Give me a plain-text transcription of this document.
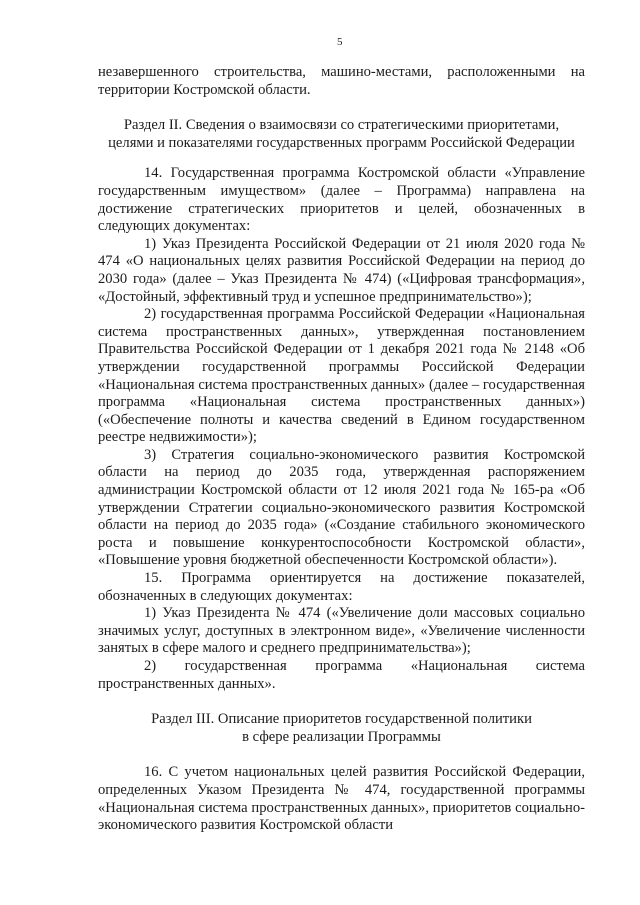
5

незавершенного строительства, машино-местами, расположенными на территории Костромской области.

Раздел II. Сведения о взаимосвязи со стратегическими приоритетами,

целями и показателями государственных программ Российской Федерации

14. Государственная программа Костромской области «Управление государственным имуществом» (далее – Программа) направлена на достижение стратегических приоритетов и целей, обозначенных в следующих документах:

1) Указ Президента Российской Федерации от 21 июля 2020 года № 474 «О национальных целях развития Российской Федерации на период до 2030 года» (далее – Указ Президента № 474) («Цифровая трансформация», «Достойный, эффективный труд и успешное предпринимательство»);

2) государственная программа Российской Федерации «Национальная система пространственных данных», утвержденная постановлением Правительства Российской Федерации от 1 декабря 2021 года № 2148 «Об утверждении государственной программы Российской Федерации «Национальная система пространственных данных» (далее – государственная программа «Национальная система пространственных данных») («Обеспечение полноты и качества сведений в Едином государственном реестре недвижимости»);

3) Стратегия социально-экономического развития Костромской области на период до 2035 года, утвержденная распоряжением администрации Костромской области от 12 июля 2021 года № 165-ра «Об утверждении Стратегии социально-экономического развития Костромской области на период до 2035 года» («Создание стабильного экономического роста и повышение конкурентоспособности Костромской области», «Повышение уровня бюджетной обеспеченности Костромской области»).

15. Программа ориентируется на достижение показателей, обозначенных в следующих документах:

1) Указ Президента № 474 («Увеличение доли массовых социально значимых услуг, доступных в электронном виде», «Увеличение численности занятых в сфере малого и среднего предпринимательства»);

2) государственная программа «Национальная система пространственных данных».

Раздел III. Описание приоритетов государственной политики

в сфере реализации Программы

16. С учетом национальных целей развития Российской Федерации, определенных Указом Президента № 474, государственной программы «Национальная система пространственных данных», приоритетов социально-экономического развития Костромской области
